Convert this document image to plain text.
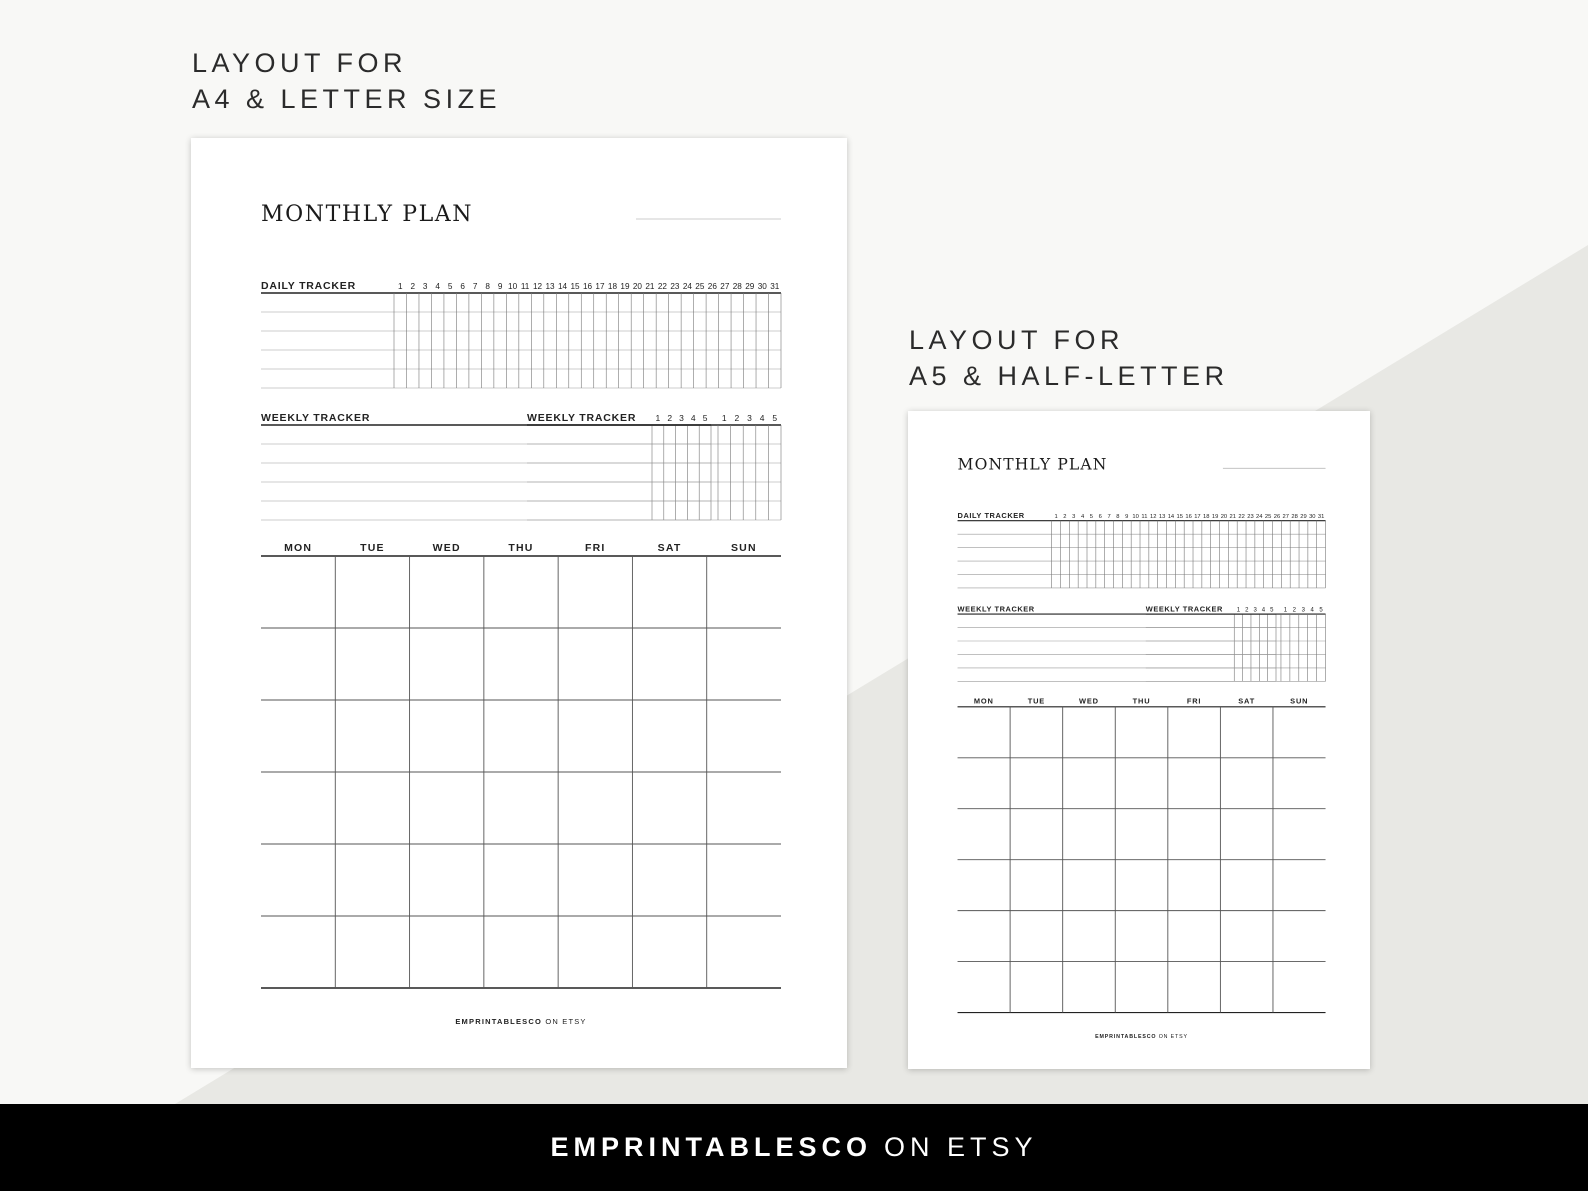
LAYOUT FOR
A4 & LETTER SIZE
LAYOUT FOR
A5 & HALF-LETTER
MONTHLY PLAN
DAILY TRACKER	1 2 3 4 5 6 7 8 9 10 11 12 13 14 15 16 17 18 19 20 21 22 23 24 25 26 27 28 29 30 31
WEEKLY TRACKER	1 2 3 4 5
WEEKLY TRACKER	1 2 3 4 5
MON	TUE	WED	THU	FRI	SAT	SUN
EMPRINTABLESCO ON ETSY
MONTHLY PLAN
DAILY TRACKER	1 2 3 4 5 6 7 8 9 10 11 12 13 14 15 16 17 18 19 20 21 22 23 24 25 26 27 28 29 30 31
WEEKLY TRACKER	1 2 3 4 5
WEEKLY TRACKER	1 2 3 4 5
MON	TUE	WED	THU	FRI	SAT	SUN
EMPRINTABLESCO ON ETSY
EMPRINTABLESCO ON ETSY
